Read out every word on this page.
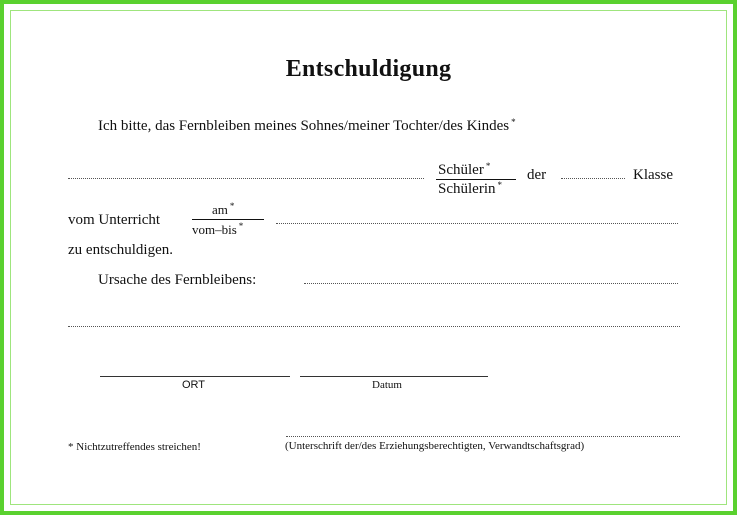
Entschuldigung
Ich bitte, das Fernbleiben meines Sohnes/meiner Tochter/des Kindes *
Schüler *
Schülerin *
der	Klasse
vom Unterricht
am *
vom–bis *
zu entschuldigen.
Ursache des Fernbleibens:
ORT	Datum
* Nichtzutreffendes streichen!	(Unterschrift der/des Erziehungsberechtigten, Verwandtschaftsgrad)
